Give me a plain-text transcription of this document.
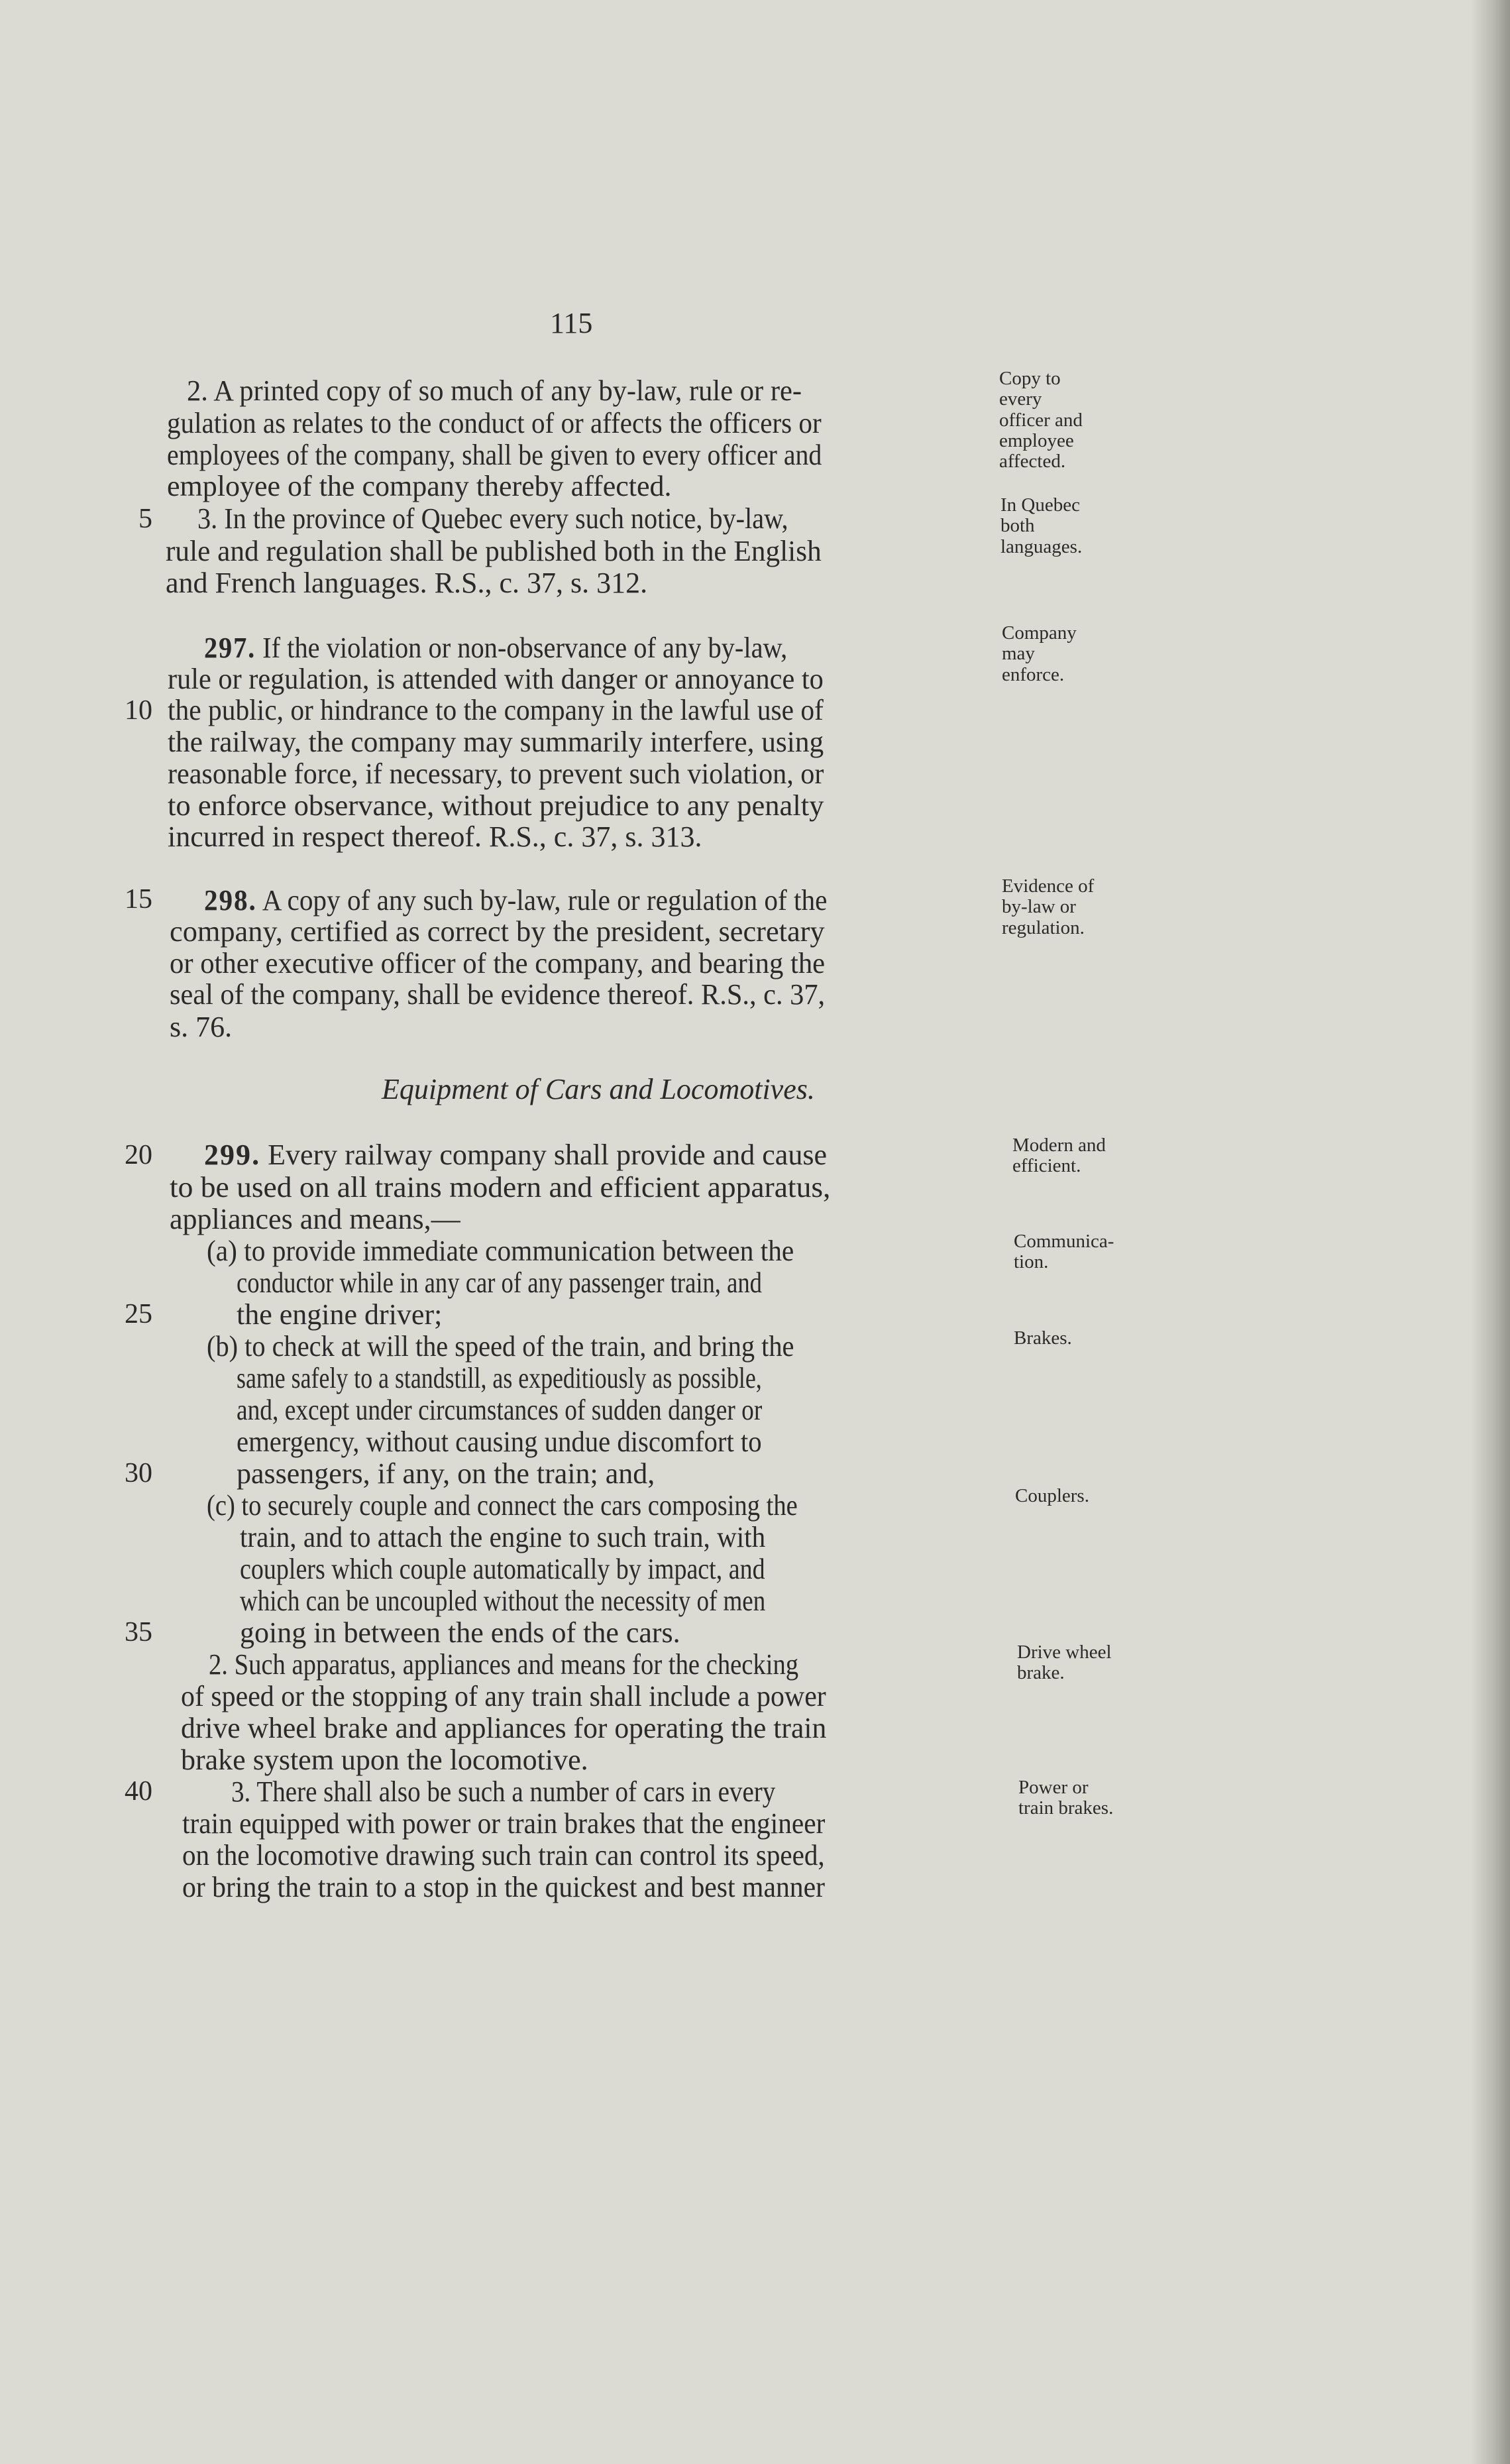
115
2. A printed copy of so much of any by-law, rule or re-
gulation as relates to the conduct of or affects the officers or
employees of the company, shall be given to every officer and
employee of the company thereby affected.
3. In the province of Quebec every such notice, by-law,
rule and regulation shall be published both in the English
and French languages. R.S., c. 37, s. 312.
297. If the violation or non-observance of any by-law,
rule or regulation, is attended with danger or annoyance to
the public, or hindrance to the company in the lawful use of
the railway, the company may summarily interfere, using
reasonable force, if necessary, to prevent such violation, or
to enforce observance, without prejudice to any penalty
incurred in respect thereof. R.S., c. 37, s. 313.
298. A copy of any such by-law, rule or regulation of the
company, certified as correct by the president, secretary
or other executive officer of the company, and bearing the
seal of the company, shall be evidence thereof. R.S., c. 37,
s. 76.
299. Every railway company shall provide and cause
to be used on all trains modern and efficient apparatus,
appliances and means,—
(a) to provide immediate communication between the
conductor while in any car of any passenger train, and
the engine driver;
(b) to check at will the speed of the train, and bring the
same safely to a standstill, as expeditiously as possible,
and, except under circumstances of sudden danger or
emergency, without causing undue discomfort to
passengers, if any, on the train; and,
(c) to securely couple and connect the cars composing the
train, and to attach the engine to such train, with
couplers which couple automatically by impact, and
which can be uncoupled without the necessity of men
going in between the ends of the cars.
2. Such apparatus, appliances and means for the checking
of speed or the stopping of any train shall include a power
drive wheel brake and appliances for operating the train
brake system upon the locomotive.
3. There shall also be such a number of cars in every
train equipped with power or train brakes that the engineer
on the locomotive drawing such train can control its speed,
or bring the train to a stop in the quickest and best manner
5
10
15
20
25
30
35
40
Copy to
every
officer and
employee
affected.
In Quebec
both
languages.
Company
may
enforce.
Evidence of
by-law or
regulation.
Modern and
efficient.
Communica-
tion.
Brakes.
Couplers.
Drive wheel
brake.
Power or
train brakes.
Equipment of Cars and Locomotives.
